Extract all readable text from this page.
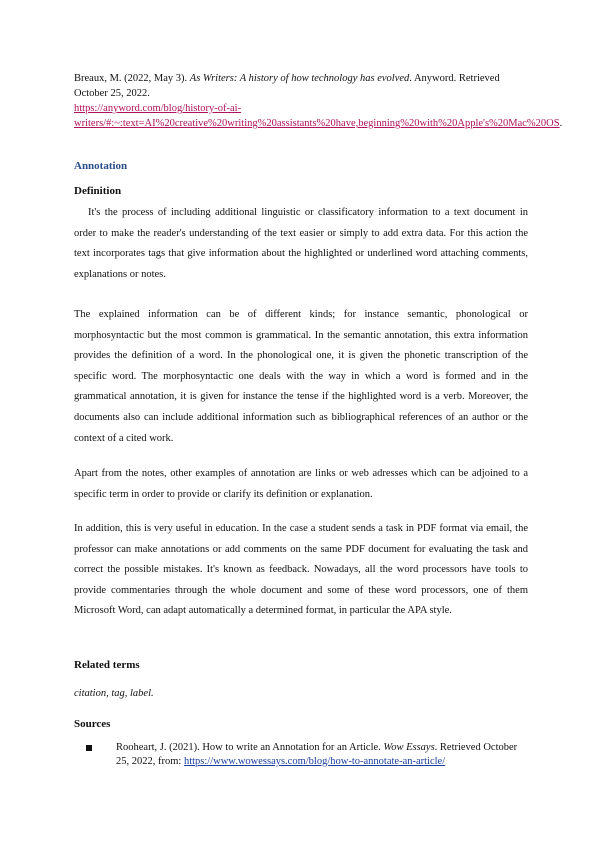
Breaux, M. (2022, May 3). As Writers: A history of how technology has evolved. Anyword. Retrieved October 25, 2022.
https://anyword.com/blog/history-of-ai-writers/#:~:text=AI%20creative%20writing%20assistants%20have,beginning%20with%20Apple's%20Mac%20OS.
Annotation
Definition

It's the process of including additional linguistic or classificatory information to a text document in order to make the reader's understanding of the text easier or simply to add extra data. For this action the text incorporates tags that give information about the highlighted or underlined word attaching comments, explanations or notes.

The explained information can be of different kinds; for instance semantic, phonological or morphosyntactic but the most common is grammatical. In the semantic annotation, this extra information provides the definition of a word. In the phonological one, it is given the phonetic transcription of the specific word. The morphosyntactic one deals with the way in which a word is formed and in the grammatical annotation, it is given for instance the tense if the highlighted word is a verb. Moreover, the documents also can include additional information such as bibliographical references of an author or the context of a cited work.

Apart from the notes, other examples of annotation are links or web adresses which can be adjoined to a specific term in order to provide or clarify its definition or explanation.

In addition, this is very useful in education. In the case a student sends a task in PDF format via email, the professor can make annotations or add comments on the same PDF document for evaluating the task and correct the possible mistakes. It's known as feedback. Nowadays, all the word processors have tools to provide commentaries through the whole document and some of these word processors, one of them Microsoft Word, can adapt automatically a determined format, in particular the APA style.

Related terms
citation, tag, label.
Sources
Rooheart, J. (2021). How to write an Annotation for an Article. Wow Essays. Retrieved October 25, 2022, from: https://www.wowessays.com/blog/how-to-annotate-an-article/
